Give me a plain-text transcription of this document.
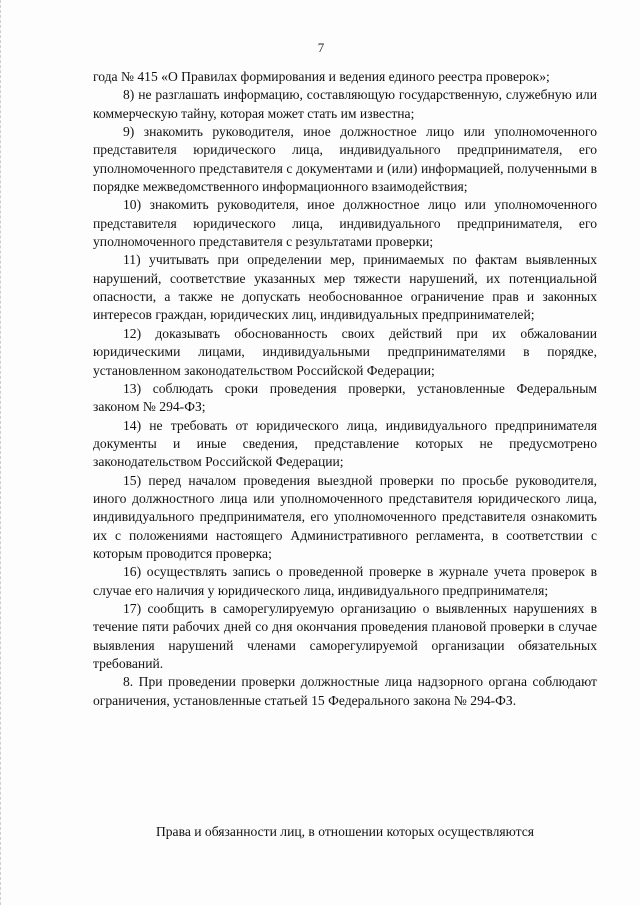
7

года № 415 «О Правилах формирования и ведения единого реестра проверок»;

8) не разглашать информацию, составляющую государственную, служебную или коммерческую тайну, которая может стать им известна;

9) знакомить руководителя, иное должностное лицо или уполномоченного представителя юридического лица, индивидуального предпринимателя, его уполномоченного представителя с документами и (или) информацией, полученными в порядке межведомственного информационного взаимодействия;

10) знакомить руководителя, иное должностное лицо или уполномоченного представителя юридического лица, индивидуального предпринимателя, его уполномоченного представителя с результатами проверки;

11) учитывать при определении мер, принимаемых по фактам выявленных нарушений, соответствие указанных мер тяжести нарушений, их потенциальной опасности, а также не допускать необоснованное ограничение прав и законных интересов граждан, юридических лиц, индивидуальных предпринимателей;

12) доказывать обоснованность своих действий при их обжаловании юридическими лицами, индивидуальными предпринимателями в порядке, установленном законодательством Российской Федерации;

13) соблюдать сроки проведения проверки, установленные Федеральным законом № 294-ФЗ;

14) не требовать от юридического лица, индивидуального предпринимателя документы и иные сведения, представление которых не предусмотрено законодательством Российской Федерации;

15) перед началом проведения выездной проверки по просьбе руководителя, иного должностного лица или уполномоченного представителя юридического лица, индивидуального предпринимателя, его уполномоченного представителя ознакомить их с положениями настоящего Административного регламента, в соответствии с которым проводится проверка;

16) осуществлять запись о проведенной проверке в журнале учета проверок в случае его наличия у юридического лица, индивидуального предпринимателя;

17) сообщить в саморегулируемую организацию о выявленных нарушениях в течение пяти рабочих дней со дня окончания проведения плановой проверки в случае выявления нарушений членами саморегулируемой организации обязательных требований.

8. При проведении проверки должностные лица надзорного органа соблюдают ограничения, установленные статьей 15 Федерального закона № 294-ФЗ.

Права и обязанности лиц, в отношении которых осуществляются
